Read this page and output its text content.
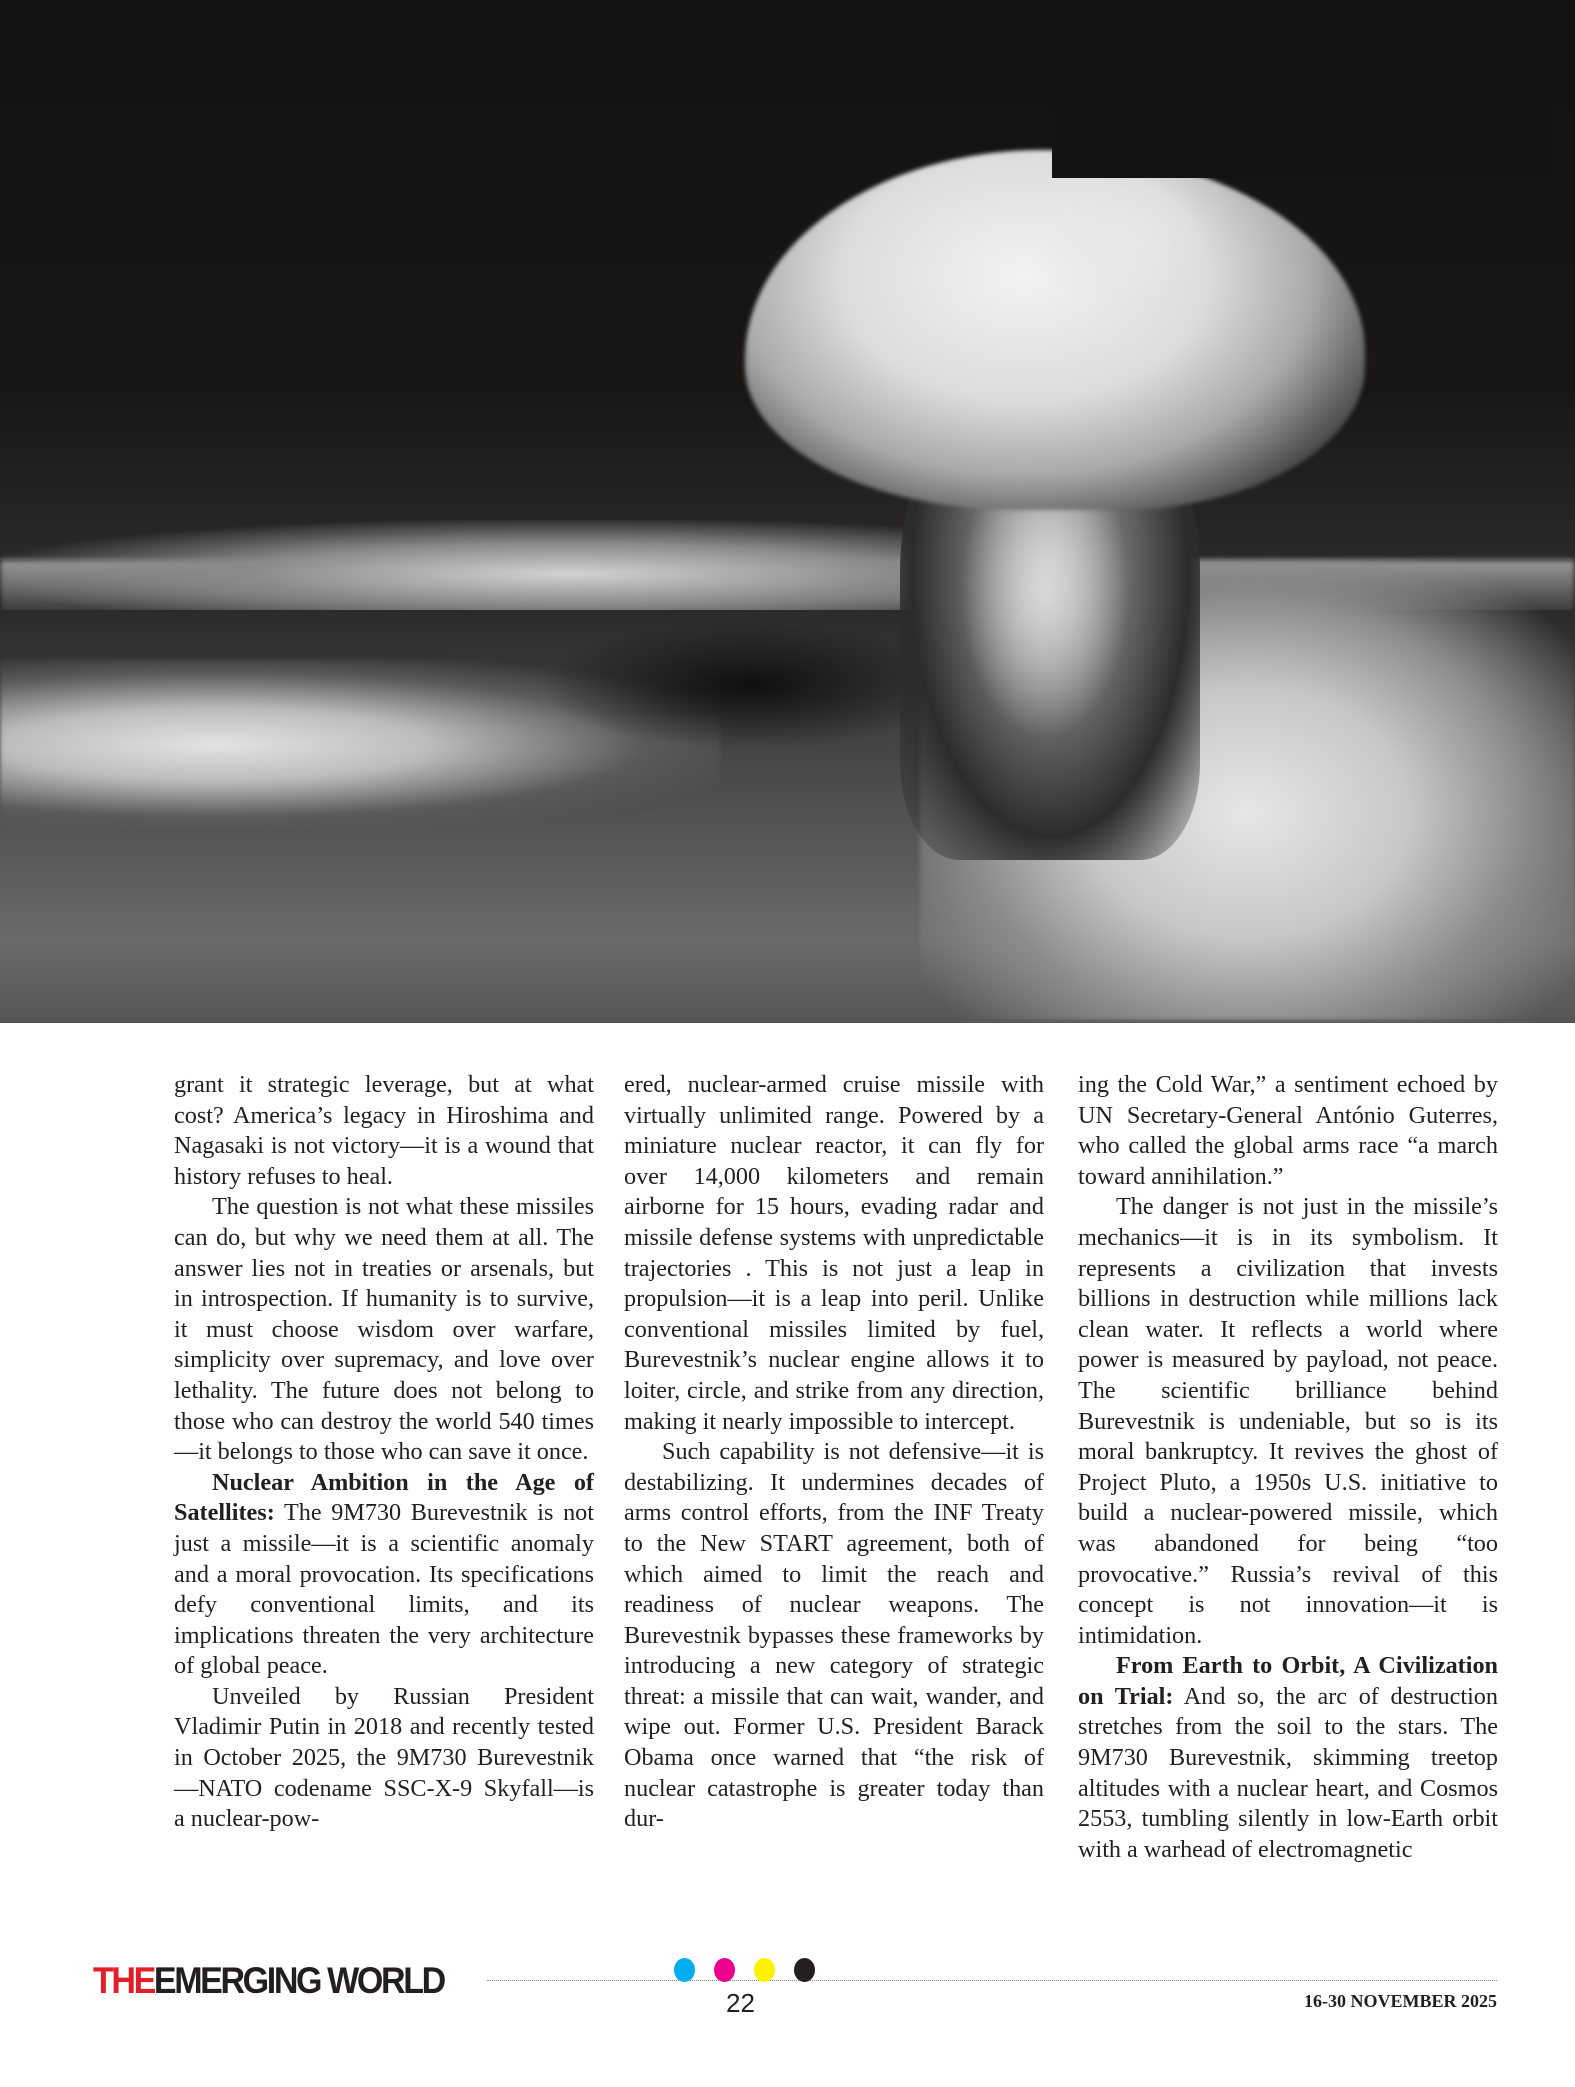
grant it strategic leverage, but at what cost? America’s legacy in Hiroshima and Nagasaki is not victory—it is a wound that history refuses to heal.

The question is not what these missiles can do, but why we need them at all. The answer lies not in treaties or arsenals, but in introspection. If humanity is to survive, it must choose wisdom over warfare, simplicity over supremacy, and love over lethality. The future does not belong to those who can destroy the world 540 times—it belongs to those who can save it once.

Nuclear Ambition in the Age of Satellites: The 9M730 Burevestnik is not just a missile—it is a scientific anomaly and a moral provocation. Its specifications defy conventional limits, and its implications threaten the very architecture of global peace.

Unveiled by Russian President Vladimir Putin in 2018 and recently tested in October 2025, the 9M730 Burevestnik—NATO codename SSC-X-9 Skyfall—is a nuclear-pow-

ered, nuclear-armed cruise missile with virtually unlimited range. Powered by a miniature nuclear reactor, it can fly for over 14,000 kilometers and remain airborne for 15 hours, evading radar and missile defense systems with unpredictable trajectories . This is not just a leap in propulsion—it is a leap into peril. Unlike conventional missiles limited by fuel, Burevestnik’s nuclear engine allows it to loiter, circle, and strike from any direction, making it nearly impossible to intercept.

Such capability is not defensive—it is destabilizing. It undermines decades of arms control efforts, from the INF Treaty to the New START agreement, both of which aimed to limit the reach and readiness of nuclear weapons. The Burevestnik bypasses these frameworks by introducing a new category of strategic threat: a missile that can wait, wander, and wipe out. Former U.S. President Barack Obama once warned that “the risk of nuclear catastrophe is greater today than dur-

ing the Cold War,” a sentiment echoed by UN Secretary-General António Guterres, who called the global arms race “a march toward annihilation.”

The danger is not just in the missile’s mechanics—it is in its symbolism. It represents a civilization that invests billions in destruction while millions lack clean water. It reflects a world where power is measured by payload, not peace. The scientific brilliance behind Burevestnik is undeniable, but so is its moral bankruptcy. It revives the ghost of Project Pluto, a 1950s U.S. initiative to build a nuclear-powered missile, which was abandoned for being “too provocative.” Russia’s revival of this concept is not innovation—it is intimidation.

From Earth to Orbit, A Civilization on Trial: And so, the arc of destruction stretches from the soil to the stars. The 9M730 Burevestnik, skimming treetop altitudes with a nuclear heart, and Cosmos 2553, tumbling silently in low-Earth orbit with a warhead of electromagnetic

THEEMERGING WORLD
22	16-30 NOVEMBER 2025
